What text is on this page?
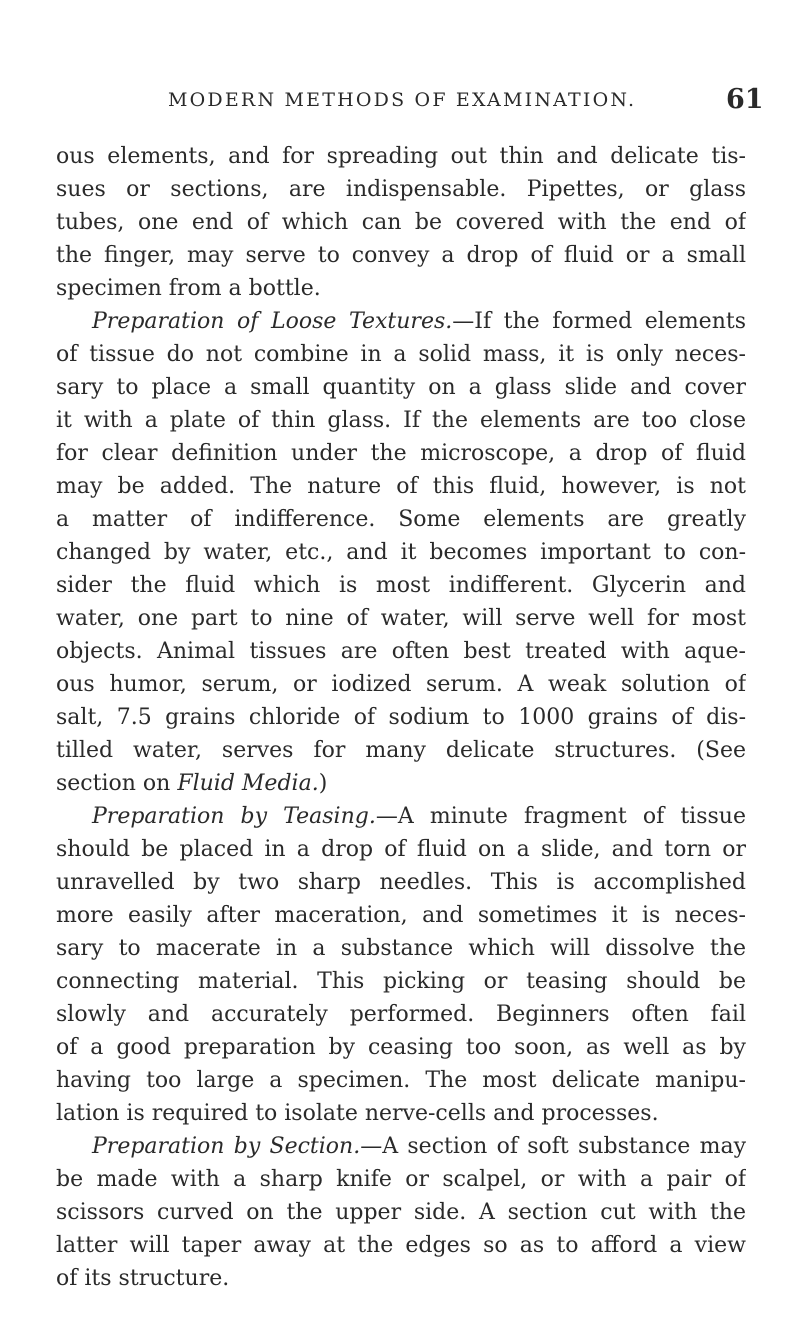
MODERN METHODS OF EXAMINATION.	61
ous elements, and for spreading out thin and delicate tis-
sues or sections, are indispensable. Pipettes, or glass
tubes, one end of which can be covered with the end of
the finger, may serve to convey a drop of fluid or a small
specimen from a bottle.
Preparation of Loose Textures.—If the formed elements
of tissue do not combine in a solid mass, it is only neces-
sary to place a small quantity on a glass slide and cover
it with a plate of thin glass. If the elements are too close
for clear definition under the microscope, a drop of fluid
may be added. The nature of this fluid, however, is not
a matter of indifference. Some elements are greatly
changed by water, etc., and it becomes important to con-
sider the fluid which is most indifferent. Glycerin and
water, one part to nine of water, will serve well for most
objects. Animal tissues are often best treated with aque-
ous humor, serum, or iodized serum. A weak solution of
salt, 7.5 grains chloride of sodium to 1000 grains of dis-
tilled water, serves for many delicate structures. (See
section on Fluid Media.)
Preparation by Teasing.—A minute fragment of tissue
should be placed in a drop of fluid on a slide, and torn or
unravelled by two sharp needles. This is accomplished
more easily after maceration, and sometimes it is neces-
sary to macerate in a substance which will dissolve the
connecting material. This picking or teasing should be
slowly and accurately performed. Beginners often fail
of a good preparation by ceasing too soon, as well as by
having too large a specimen. The most delicate manipu-
lation is required to isolate nerve-cells and processes.
Preparation by Section.—A section of soft substance may
be made with a sharp knife or scalpel, or with a pair of
scissors curved on the upper side. A section cut with the
latter will taper away at the edges so as to afford a view
of its structure.
